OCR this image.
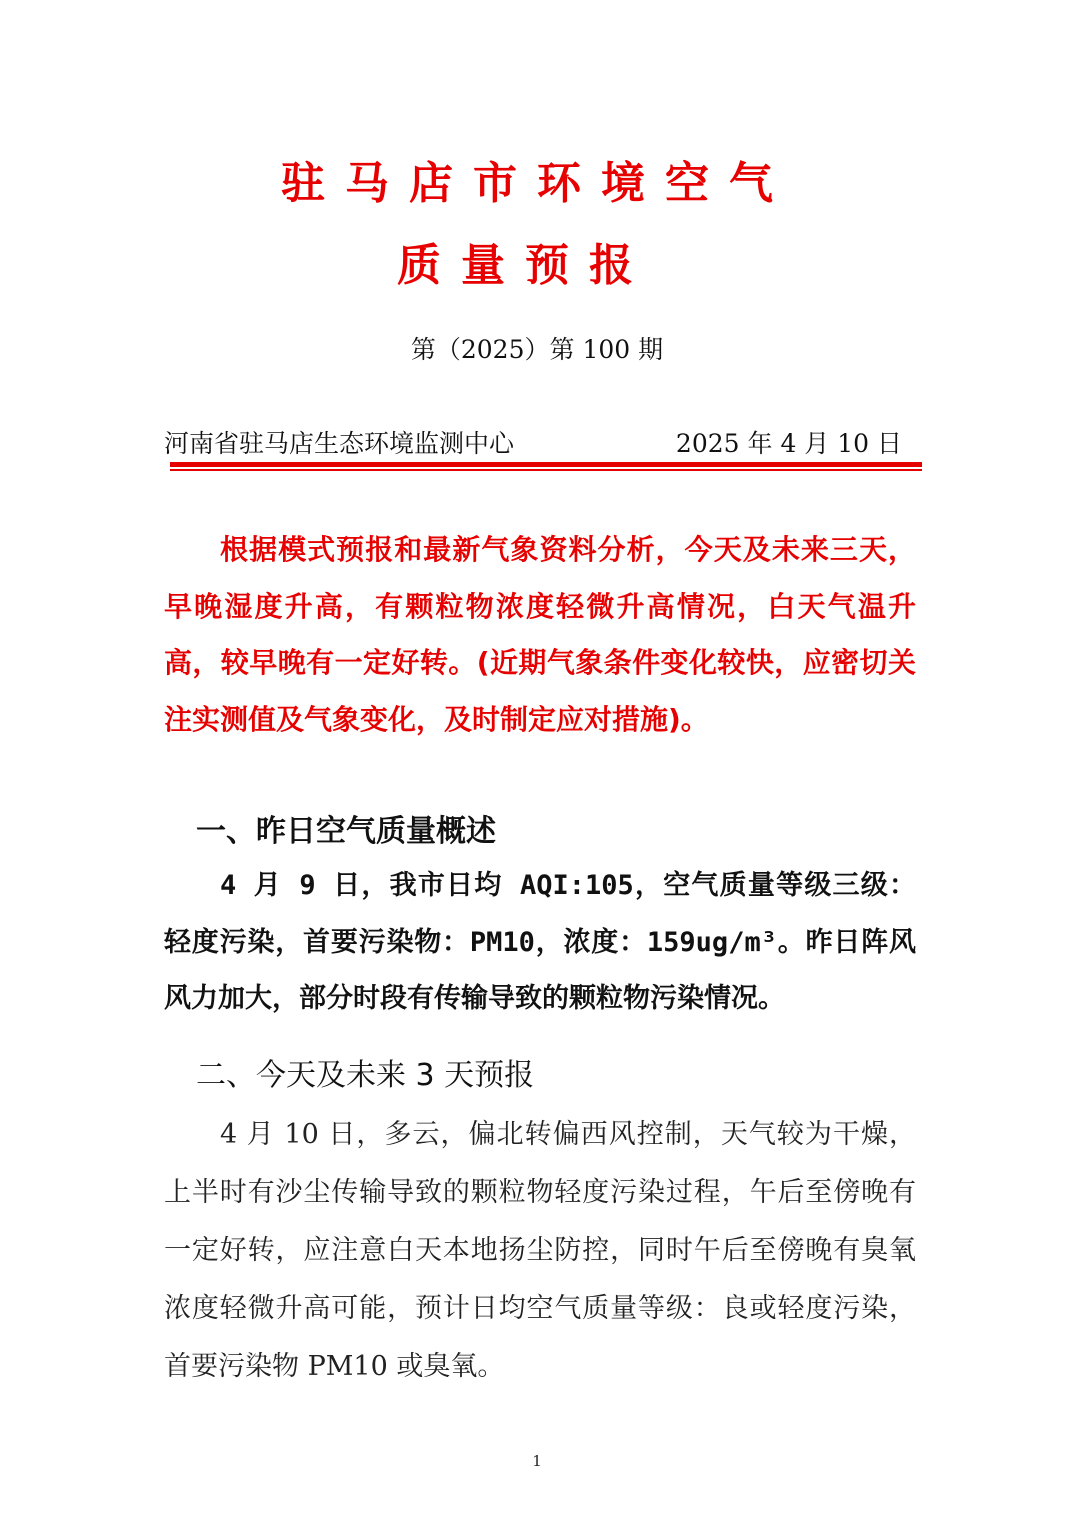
驻马店市环境空气
质量预报
第（2025）第 100 期
河南省驻马店生态环境监测中心	2025 年 4 月 10 日
根据模式预报和最新气象资料分析，今天及未来三天，早晚湿度升高，有颗粒物浓度轻微升高情况，白天气温升高，较早晚有一定好转。(近期气象条件变化较快，应密切关注实测值及气象变化，及时制定应对措施)。
一、昨日空气质量概述
4 月 9 日，我市日均 AQI:105，空气质量等级三级：轻度污染，首要污染物：PM10，浓度：159ug/m³。昨日阵风风力加大，部分时段有传输导致的颗粒物污染情况。
二、今天及未来 3 天预报
4 月 10 日，多云，偏北转偏西风控制，天气较为干燥，上半时有沙尘传输导致的颗粒物轻度污染过程，午后至傍晚有一定好转，应注意白天本地扬尘防控，同时午后至傍晚有臭氧浓度轻微升高可能，预计日均空气质量等级：良或轻度污染，首要污染物 PM10 或臭氧。
1
